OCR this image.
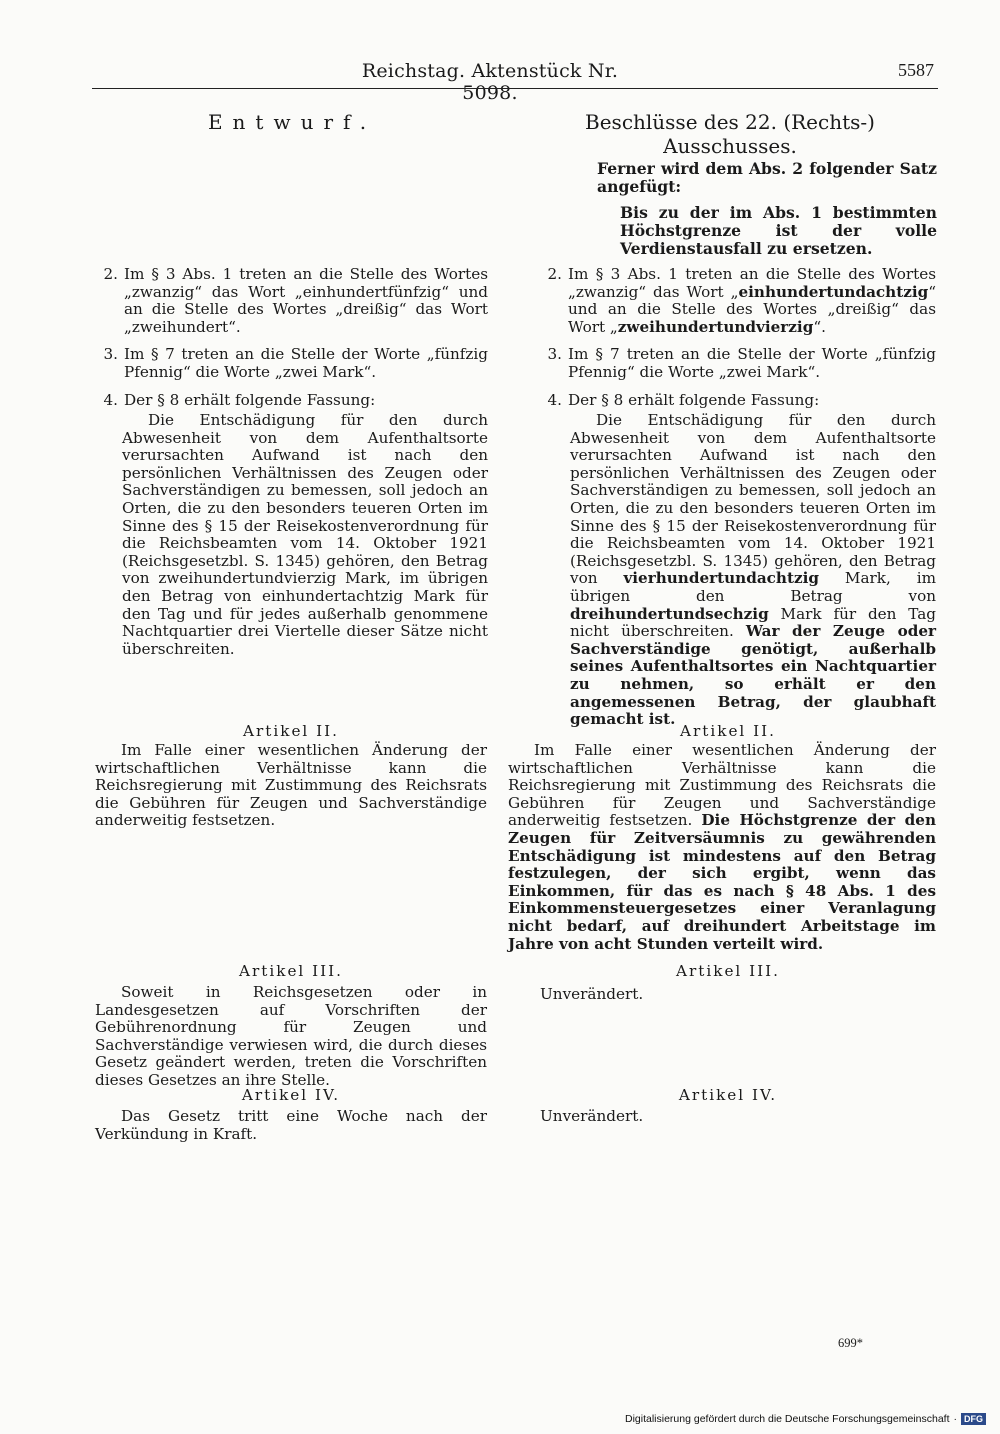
Reichstag. Aktenstück Nr. 5098.
5587
Entwurf.	Beschlüsse des 22. (Rechts-) Ausschusses.
Ferner wird dem Abs. 2 folgender Satz angefügt:
Bis zu der im Abs. 1 bestimmten Höchstgrenze ist der volle Verdienstausfall zu ersetzen.
2. Im § 3 Abs. 1 treten an die Stelle des Wortes „zwanzig“ das Wort „einhundertfünfzig“ und an die Stelle des Wortes „dreißig“ das Wort „zweihundert“.
3. Im § 7 treten an die Stelle der Worte „fünfzig Pfennig“ die Worte „zwei Mark“.
4. Der § 8 erhält folgende Fassung:
Die Entschädigung für den durch Abwesenheit von dem Aufenthaltsorte verursachten Aufwand ist nach den persönlichen Verhältnissen des Zeugen oder Sachverständigen zu bemessen, soll jedoch an Orten, die zu den besonders teueren Orten im Sinne des § 15 der Reisekostenverordnung für die Reichsbeamten vom 14. Oktober 1921 (Reichsgesetzbl. S. 1345) gehören, den Betrag von zweihundertundvierzig Mark, im übrigen den Betrag von einhundertachtzig Mark für den Tag und für jedes außerhalb genommene Nachtquartier drei Viertelle dieser Sätze nicht überschreiten.
2. Im § 3 Abs. 1 treten an die Stelle des Wortes „zwanzig“ das Wort „einhundertundachtzig“ und an die Stelle des Wortes „dreißig“ das Wort „zweihundertundvierzig“.
3. Im § 7 treten an die Stelle der Worte „fünfzig Pfennig“ die Worte „zwei Mark“.
4. Der § 8 erhält folgende Fassung:
Die Entschädigung für den durch Abwesenheit von dem Aufenthaltsorte verursachten Aufwand ist nach den persönlichen Verhältnissen des Zeugen oder Sachverständigen zu bemessen, soll jedoch an Orten, die zu den besonders teueren Orten im Sinne des § 15 der Reisekostenverordnung für die Reichsbeamten vom 14. Oktober 1921 (Reichsgesetzbl. S. 1345) gehören, den Betrag von vierhundertundachtzig Mark, im übrigen den Betrag von dreihundertundsechzig Mark für den Tag nicht überschreiten. War der Zeuge oder Sachverständige genötigt, außerhalb seines Aufenthaltsortes ein Nachtquartier zu nehmen, so erhält er den angemessenen Betrag, der glaubhaft gemacht ist.
Artikel II.
Im Falle einer wesentlichen Änderung der wirtschaftlichen Verhältnisse kann die Reichsregierung mit Zustimmung des Reichsrats die Gebühren für Zeugen und Sachverständige anderweitig festsetzen.
Artikel II.
Im Falle einer wesentlichen Änderung der wirtschaftlichen Verhältnisse kann die Reichsregierung mit Zustimmung des Reichsrats die Gebühren für Zeugen und Sachverständige anderweitig festsetzen. Die Höchstgrenze der den Zeugen für Zeitversäumnis zu gewährenden Entschädigung ist mindestens auf den Betrag festzulegen, der sich ergibt, wenn das Einkommen, für das es nach § 48 Abs. 1 des Einkommensteuergesetzes einer Veranlagung nicht bedarf, auf dreihundert Arbeitstage im Jahre von acht Stunden verteilt wird.
Artikel III.
Soweit in Reichsgesetzen oder in Landesgesetzen auf Vorschriften der Gebührenordnung für Zeugen und Sachverständige verwiesen wird, die durch dieses Gesetz geändert werden, treten die Vorschriften dieses Gesetzes an ihre Stelle.
Artikel III.
Unverändert.
Artikel IV.
Das Gesetz tritt eine Woche nach der Verkündung in Kraft.
Artikel IV.
Unverändert.
699*
Digitalisierung gefördert durch die Deutsche Forschungsgemeinschaft · DFG
